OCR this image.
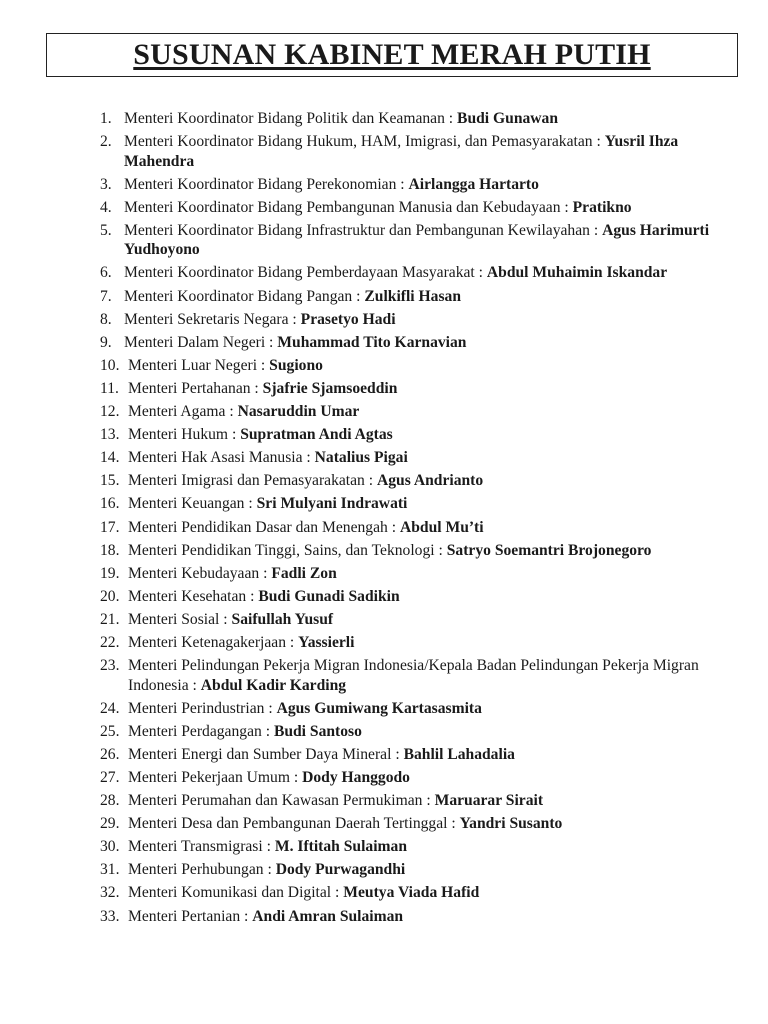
SUSUNAN KABINET MERAH PUTIH
1. Menteri Koordinator Bidang Politik dan Keamanan : Budi Gunawan
2. Menteri Koordinator Bidang Hukum, HAM, Imigrasi, dan Pemasyarakatan : Yusril Ihza Mahendra
3. Menteri Koordinator Bidang Perekonomian : Airlangga Hartarto
4. Menteri Koordinator Bidang Pembangunan Manusia dan Kebudayaan : Pratikno
5. Menteri Koordinator Bidang Infrastruktur dan Pembangunan Kewilayahan : Agus Harimurti Yudhoyono
6. Menteri Koordinator Bidang Pemberdayaan Masyarakat : Abdul Muhaimin Iskandar
7. Menteri Koordinator Bidang Pangan : Zulkifli Hasan
8. Menteri Sekretaris Negara : Prasetyo Hadi
9. Menteri Dalam Negeri : Muhammad Tito Karnavian
10. Menteri Luar Negeri : Sugiono
11. Menteri Pertahanan : Sjafrie Sjamsoeddin
12. Menteri Agama : Nasaruddin Umar
13. Menteri Hukum : Supratman Andi Agtas
14. Menteri Hak Asasi Manusia : Natalius Pigai
15. Menteri Imigrasi dan Pemasyarakatan : Agus Andrianto
16. Menteri Keuangan : Sri Mulyani Indrawati
17. Menteri Pendidikan Dasar dan Menengah : Abdul Mu’ti
18. Menteri Pendidikan Tinggi, Sains, dan Teknologi : Satryo Soemantri Brojonegoro
19. Menteri Kebudayaan : Fadli Zon
20. Menteri Kesehatan : Budi Gunadi Sadikin
21. Menteri Sosial : Saifullah Yusuf
22. Menteri Ketenagakerjaan : Yassierli
23. Menteri Pelindungan Pekerja Migran Indonesia/Kepala Badan Pelindungan Pekerja Migran Indonesia : Abdul Kadir Karding
24. Menteri Perindustrian : Agus Gumiwang Kartasasmita
25. Menteri Perdagangan : Budi Santoso
26. Menteri Energi dan Sumber Daya Mineral : Bahlil Lahadalia
27. Menteri Pekerjaan Umum : Dody Hanggodo
28. Menteri Perumahan dan Kawasan Permukiman : Maruarar Sirait
29. Menteri Desa dan Pembangunan Daerah Tertinggal : Yandri Susanto
30. Menteri Transmigrasi : M. Iftitah Sulaiman
31. Menteri Perhubungan : Dody Purwagandhi
32. Menteri Komunikasi dan Digital : Meutya Viada Hafid
33. Menteri Pertanian : Andi Amran Sulaiman
